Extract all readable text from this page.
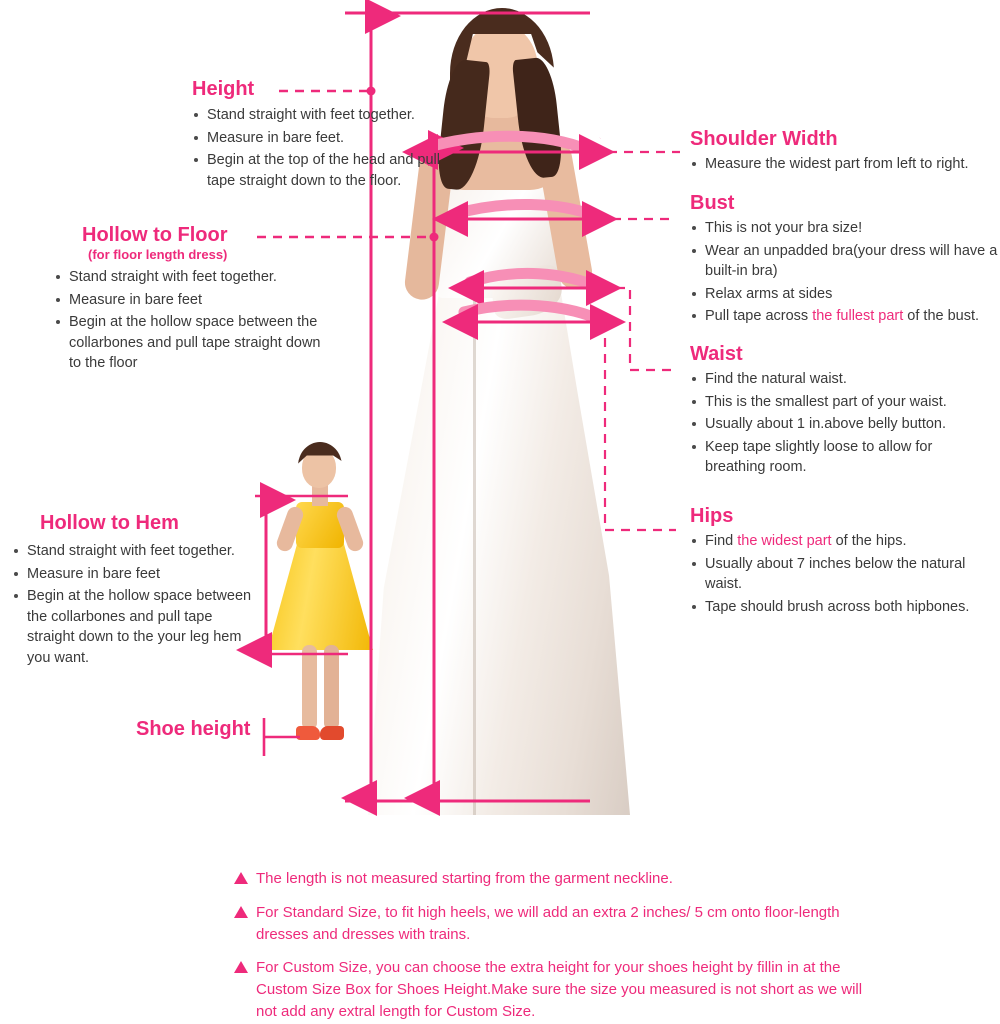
Height
Stand straight with feet together.
Measure in bare feet.
Begin at the top of the head and pull tape straight down to the floor.
Hollow to Floor
(for floor length dress)
Stand straight with feet together.
Measure in bare feet
Begin at the hollow space between the collarbones and pull tape straight down to the floor
Hollow to Hem
Stand straight with feet together.
Measure in bare feet
Begin at the hollow space between the collarbones and pull tape straight down to the your leg hem you want.
Shoe height
Shoulder Width
Measure the widest part from left to right.
Bust
This is not your bra size!
Wear an unpadded bra(your dress will have a built-in bra)
Relax arms at sides
Pull tape across the fullest part of the bust.
Waist
Find the natural waist.
This is the smallest part of your waist.
Usually about 1 in.above belly button.
Keep tape slightly loose to allow for breathing room.
Hips
Find the widest part of the hips.
Usually about 7 inches below the natural waist.
Tape should brush across both hipbones.
The length is not measured starting from the garment neckline.
For Standard Size, to fit high heels, we will add an extra 2 inches/ 5 cm onto floor-length dresses and dresses with trains.
For Custom Size, you can choose the extra height for your shoes height by fillin in at the Custom Size Box for Shoes Height.Make sure the size you measured is not short as we will not add any extral length for Custom Size.
